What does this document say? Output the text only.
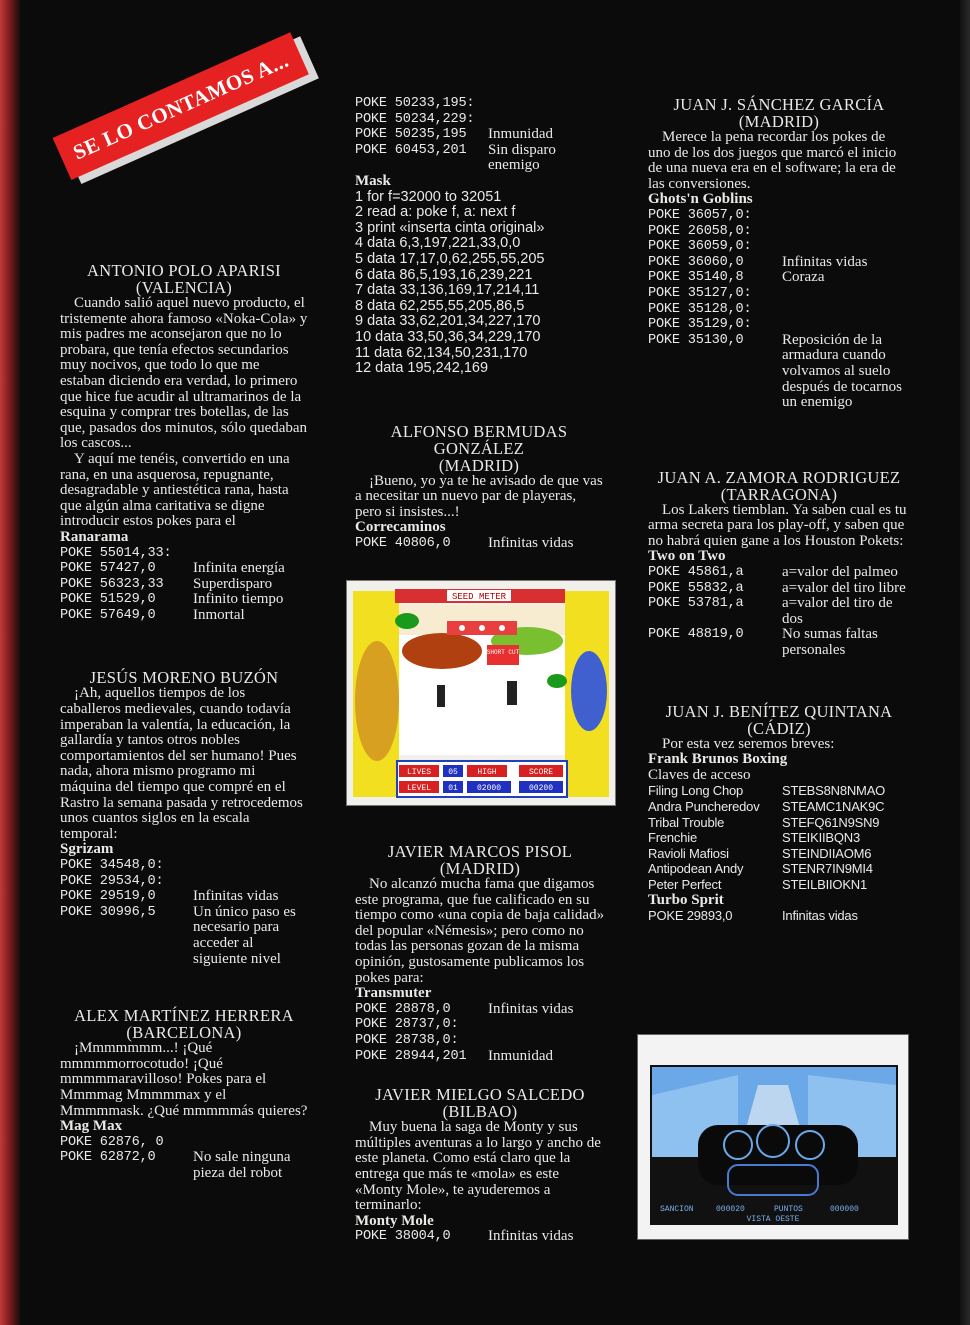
SE LO CONTAMOS A...
ANTONIO POLO APARISI
(VALENCIA)

Cuando salió aquel nuevo producto, el tristemente ahora famoso «Noka-Cola» y mis padres me aconsejaron que no lo probara, que tenía efectos secundarios muy nocivos, que todo lo que me estaban diciendo era verdad, lo primero que hice fue acudir al ultramarinos de la esquina y comprar tres botellas, de las que, pasados dos minutos, sólo quedaban los cascos...

Y aquí me tenéis, convertido en una rana, en una asquerosa, repugnante, desagradable y antiestética rana, hasta que algún alma caritativa se digne introducir estos pokes para el

Ranarama

POKE 55014,33:
POKE 57427,0	Infinita energía
POKE 56323,33	Superdisparo
POKE 51529,0	Infinito tiempo
POKE 57649,0	Inmortal
JESÚS MORENO BUZÓN

¡Ah, aquellos tiempos de los caballeros medievales, cuando todavía imperaban la valentía, la educación, la gallardía y tantos otros nobles comportamientos del ser humano! Pues nada, ahora mismo programo mi máquina del tiempo que compré en el Rastro la semana pasada y retrocedemos unos cuantos siglos en la escala temporal:

Sgrizam

POKE 34548,0:
POKE 29534,0:
POKE 29519,0	Infinitas vidas
POKE 30996,5	Un único paso es necesario para acceder al siguiente nivel
ALEX MARTÍNEZ HERRERA
(BARCELONA)

¡Mmmmmmm...! ¡Qué mmmmmorrocotudo! ¡Qué mmmmmaravilloso! Pokes para el Mmmmag Mmmmmax y el Mmmmmask. ¿Qué mmmmmás quieres?

Mag Max

POKE 62876, 0
POKE 62872,0	No sale ninguna pieza del robot
POKE 50233,195:
POKE 50234,229:
POKE 50235,195	Inmunidad
POKE 60453,201	Sin disparo enemigo

Mask

1 for f=32000 to 32051

2 read a: poke f, a: next f

3 print «inserta cinta original»

4 data 6,3,197,221,33,0,0

5 data 17,17,0,62,255,55,205

6 data 86,5,193,16,239,221

7 data 33,136,169,17,214,11

8 data 62,255,55,205,86,5

9 data 33,62,201,34,227,170

10 data 33,50,36,34,229,170

11 data 62,134,50,231,170

12 data 195,242,169

ALFONSO BERMUDAS GONZÁLEZ
(MADRID)

¡Bueno, yo ya te he avisado de que vas a necesitar un nuevo par de playeras, pero si insistes...!

Correcaminos

POKE 40806,0	Infinitas vidas
JAVIER MARCOS PISOL
(MADRID)

No alcanzó mucha fama que digamos este programa, que fue calificado en su tiempo como «una copia de baja calidad» del popular «Némesis»; pero como no todas las personas gozan de la misma opinión, gustosamente publicamos los pokes para:

Transmuter

POKE 28878,0	Infinitas vidas
POKE 28737,0:
POKE 28738,0:
POKE 28944,201	Inmunidad
JAVIER MIELGO SALCEDO
(BILBAO)

Muy buena la saga de Monty y sus múltiples aventuras a lo largo y ancho de este planeta. Como está claro que la entrega que más te «mola» es este «Monty Mole», te ayuderemos a terminarlo:

Monty Mole

POKE 38004,0	Infinitas vidas
JUAN J. SÁNCHEZ GARCÍA
(MADRID)

Merece la pena recordar los pokes de uno de los dos juegos que marcó el inicio de una nueva era en el software; la era de las conversiones.

Ghots'n Goblins

POKE 36057,0:
POKE 26058,0:
POKE 36059,0:
POKE 36060,0	Infinitas vidas
POKE 35140,8	Coraza
POKE 35127,0:
POKE 35128,0:
POKE 35129,0:
POKE 35130,0	Reposición de la armadura cuando volvamos al suelo después de tocarnos un enemigo
JUAN A. ZAMORA RODRIGUEZ
(TARRAGONA)

Los Lakers tiemblan. Ya saben cual es tu arma secreta para los play-off, y saben que no habrá quien gane a los Houston Pokets:

Two on Two

POKE 45861,a	a=valor del palmeo
POKE 55832,a	a=valor del tiro libre
POKE 53781,a	a=valor del tiro de dos
POKE 48819,0	No sumas faltas personales
JUAN J. BENÍTEZ QUINTANA
(CÁDIZ)

Por esta vez seremos breves:

Frank Brunos Boxing

Claves de acceso

Filing Long Chop	STEBS8N8NMAO
Andra Puncheredov	STEAMC1NAK9C
Tribal Trouble	STEFQ61N9SN9
Frenchie	STEIKIIBQN3
Ravioli Mafiosi	STEINDIIAOM6
Antipodean Andy	STENR7IN9MI4
Peter Perfect	STEILBIIOKN1

Turbo Sprit

POKE 29893,0	Infinitas vidas
SEED METER
SHORT CUT
LIVES 05 HIGH	SCORE
LEVEL 01 02000	00200
SANCION	000020	PUNTOS	000000
VISTA OESTE
